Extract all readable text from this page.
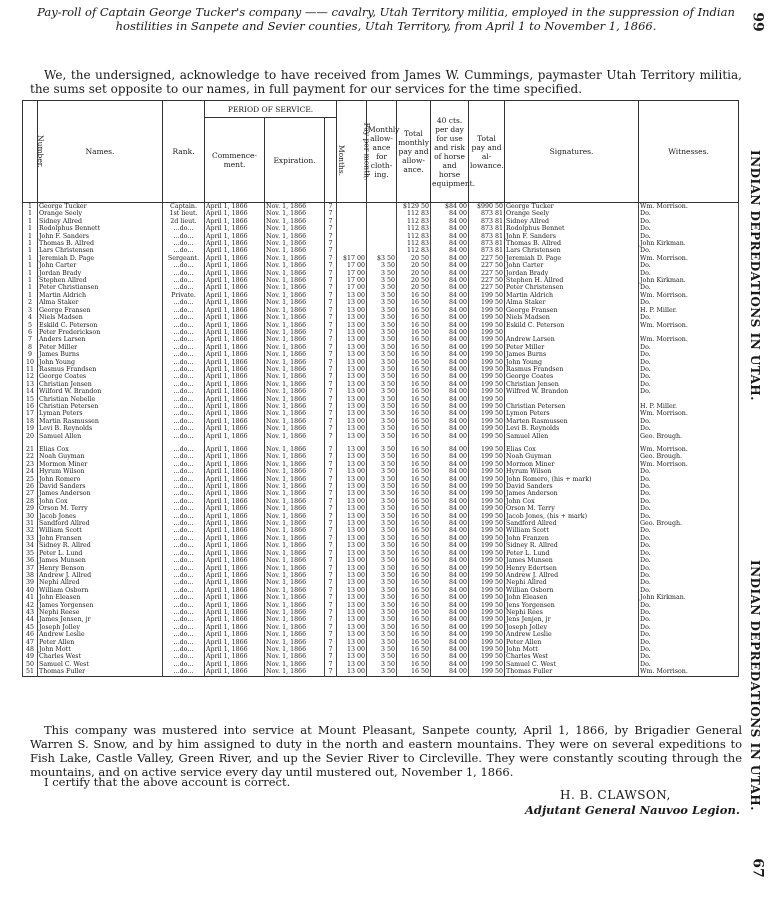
Pay-roll of Captain George Tucker's company —— cavalry, Utah Territory militia, employed in the suppression of Indian hostilities in Sanpete and Sevier counties, Utah Territory, from April 1 to November 1, 1866.	99
67
INDIAN DEPREDATIONS IN UTAH.
INDIAN DEPREDATIONS IN UTAH.
We, the undersigned, acknowledge to have received from James W. Cummings, paymaster Utah Territory militia, the sums set opposite to our names, in full payment for our services for the time specified.
Number.	Names.	Rank.	PERIOD OF SERVICE.			Pay per month.	Monthly allow-ance for cloth-ing.	Total monthly pay and allow-ance.	40 cts. per day for use and risk of horse and horse equipment.	Total pay and al-lowance.	Signatures.	Witnesses.
			Commence-ment.	Expiration.	Months.							
1	George Tucker	Captain.	April 1, 1866	Nov. 1, 1866	7			$129 50	$84 00	$990 50	George Tucker	Wm. Morrison.
1	Orange Seely	1st lieut.	April 1, 1866	Nov. 1, 1866	7			112 83	84 00	873 81	Orange Seely	Do.
1	Sidney Allred	2d lieut.	April 1, 1866	Nov. 1, 1866	7			112 83	84 00	873 81	Sidney Allred	Do.
1	Rodolphus Bennett	...do...	April 1, 1866	Nov. 1, 1866	7			112 83	84 00	873 81	Rodolphus Bennet	Do.
1	John F. Sanders	...do...	April 1, 1866	Nov. 1, 1866	7			112 83	84 00	873 81	John F. Sanders	Do.
1	Thomas B. Allred	...do...	April 1, 1866	Nov. 1, 1866	7			112 83	84 00	873 81	Thomas B. Allred	John Kirkman.
1	Lars Christensen	...do...	April 1, 1866	Nov. 1, 1866	7			112 83	84 00	873 81	Lars Christensen	Do.
1	Jeremiah D. Page	Sergeant.	April 1, 1866	Nov. 1, 1866	7	$17 00	$3 50	20 50	84 00	227 50	Jeremiah D. Page	Wm. Morrison.
1	John Carter	...do...	April 1, 1866	Nov. 1, 1866	7	17 00	3 50	20 50	84 00	227 50	John Carter	Do.
1	Jordan Brady	...do...	April 1, 1866	Nov. 1, 1866	7	17 00	3 50	20 50	84 00	227 50	Jordan Brady	Do.
1	Stephen Allred	...do...	April 1, 1866	Nov. 1, 1866	7	17 00	3 50	20 50	84 00	227 50	Stephen H. Allred	John Kirkman.
1	Peter Christiansen	...do...	April 1, 1866	Nov. 1, 1866	7	17 00	3 50	20 50	84 00	227 50	Peter Christensen	Do.
1	Martin Aldrich	Private.	April 1, 1866	Nov. 1, 1866	7	13 00	3 50	16 50	84 00	199 50	Martin Aldrich	Wm. Morrison.
2	Alma Staker	...do...	April 1, 1866	Nov. 1, 1866	7	13 00	3 50	16 50	84 00	199 50	Alma Staker	Do.
3	George Fransen	...do...	April 1, 1866	Nov. 1, 1866	7	13 00	3 50	16 50	84 00	199 50	George Fransen	H. P. Miller.
4	Niels Madsen	...do...	April 1, 1866	Nov. 1, 1866	7	13 00	3 50	16 50	84 00	199 50	Niels Madsen	Do.
5	Eskild C. Peterson	...do...	April 1, 1866	Nov. 1, 1866	7	13 00	3 50	16 50	84 00	199 50	Eskild C. Peterson	Wm. Morrison.
6	Peter Frederickson	...do...	April 1, 1866	Nov. 1, 1866	7	13 00	3 50	16 50	84 00	199 50		
7	Anders Larsen	...do...	April 1, 1866	Nov. 1, 1866	7	13 00	3 50	16 50	84 00	199 50	Andrew Larsen	Wm. Morrison.
8	Peter Miller	...do...	April 1, 1866	Nov. 1, 1866	7	13 00	3 50	16 50	84 00	199 50	Peter Miller	Do.
9	James Burns	...do...	April 1, 1866	Nov. 1, 1866	7	13 00	3 50	16 50	84 00	199 50	James Burns	Do.
10	John Young	...do...	April 1, 1866	Nov. 1, 1866	7	13 00	3 50	16 50	84 00	199 50	John Young	Do.
11	Rasmus Frandsen	...do...	April 1, 1866	Nov. 1, 1866	7	13 00	3 50	16 50	84 00	199 50	Rasmus Frandsen	Do.
12	George Coates	...do...	April 1, 1866	Nov. 1, 1866	7	13 00	3 50	16 50	84 00	199 50	George Coates	Do.
13	Christian Jensen	...do...	April 1, 1866	Nov. 1, 1866	7	13 00	3 50	16 50	84 00	199 50	Christian Jensen	Do.
14	Wilford W. Brandon	...do...	April 1, 1866	Nov. 1, 1866	7	13 00	3 50	16 50	84 00	199 50	Wilfred W. Brandon	Do.
15	Christian Nebelle	...do...	April 1, 1866	Nov. 1, 1866	7	13 00	3 50	16 50	84 00	199 50		
16	Christian Petersen	...do...	April 1, 1866	Nov. 1, 1866	7	13 00	3 50	16 50	84 00	199 50	Christian Petersen	H. P. Miller.
17	Lyman Peters	...do...	April 1, 1866	Nov. 1, 1866	7	13 00	3 50	16 50	84 00	199 50	Lymon Peters	Wm. Morrison.
18	Martin Rasmussen	...do...	April 1, 1866	Nov. 1, 1866	7	13 00	3 50	16 50	84 00	199 50	Marten Rasmussen	Do.
19	Levi B. Reynolds	...do...	April 1, 1866	Nov. 1, 1866	7	13 00	3 50	16 50	84 00	199 50	Levi B. Reynolds	Do.
20	Samuel Allen	...do...	April 1, 1866	Nov. 1, 1866	7	13 00	3 50	16 50	84 00	199 50	Samuel Allen	Geo. Brough.

21	Elias Cox	...do...	April 1, 1866	Nov. 1, 1866	7	13 00	3 50	16 50	84 00	199 50	Elias Cox	Wm. Morrison.
22	Noah Guyman	...do...	April 1, 1866	Nov. 1, 1866	7	13 00	3 50	16 50	84 00	199 50	Noah Guyman	Geo. Brough.
23	Mormon Miner	...do...	April 1, 1866	Nov. 1, 1866	7	13 00	3 50	16 50	84 00	199 50	Mormon Miner	Wm. Morrison.
24	Hyrum Wilson	...do...	April 1, 1866	Nov. 1, 1866	7	13 00	3 50	16 50	84 00	199 50	Hyrum Wilson	Do.
25	John Romero	...do...	April 1, 1866	Nov. 1, 1866	7	13 00	3 50	16 50	84 00	199 50	John Romero, (his + mark)	Do.
26	David Sanders	...do...	April 1, 1866	Nov. 1, 1866	7	13 00	3 50	16 50	84 00	199 50	David Sanders	Do.
27	James Anderson	...do...	April 1, 1866	Nov. 1, 1866	7	13 00	3 50	16 50	84 00	199 50	James Anderson	Do.
28	John Cox	...do...	April 1, 1866	Nov. 1, 1866	7	13 00	3 50	16 50	84 00	199 50	John Cox	Do.
29	Orson M. Terry	...do...	April 1, 1866	Nov. 1, 1866	7	13 00	3 50	16 50	84 00	199 50	Orson M. Terry	Do.
30	Jacob Jones	...do...	April 1, 1866	Nov. 1, 1866	7	13 00	3 50	16 50	84 00	199 50	Jacob Jones, (his + mark)	Do.
31	Sandford Allred	...do...	April 1, 1866	Nov. 1, 1866	7	13 00	3 50	16 50	84 00	199 50	Sandford Allred	Geo. Brough.
32	William Scott	...do...	April 1, 1866	Nov. 1, 1866	7	13 00	3 50	16 50	84 00	199 50	William Scott	Do.
33	John Fransen	...do...	April 1, 1866	Nov. 1, 1866	7	13 00	3 50	16 50	84 00	199 50	John Franzen	Do.
34	Sidney R. Allred	...do...	April 1, 1866	Nov. 1, 1866	7	13 00	3 50	16 50	84 00	199 50	Sidney R. Allred	Do.
35	Peter L. Lund	...do...	April 1, 1866	Nov. 1, 1866	7	13 00	3 50	16 50	84 00	199 50	Peter L. Lund	Do.
36	James Munsen	...do...	April 1, 1866	Nov. 1, 1866	7	13 00	3 50	16 50	84 00	199 50	James Munsen	Do.
37	Henry Benson	...do...	April 1, 1866	Nov. 1, 1866	7	13 00	3 50	16 50	84 00	199 50	Henry Edertsen	Do.
38	Andrew J. Allred	...do...	April 1, 1866	Nov. 1, 1866	7	13 00	3 50	16 50	84 00	199 50	Andrew J. Allred	Do.
39	Nephi Allred	...do...	April 1, 1866	Nov. 1, 1866	7	13 00	3 50	16 50	84 00	199 50	Nephi Allred	Do.
40	William Osborn	...do...	April 1, 1866	Nov. 1, 1866	7	13 00	3 50	16 50	84 00	199 50	Willian Osborn	Do.
41	John Eleasen	...do...	April 1, 1866	Nov. 1, 1866	7	13 00	3 50	16 50	84 00	199 50	John Eleasen	John Kirkman.
42	James Yorgensen	...do...	April 1, 1866	Nov. 1, 1866	7	13 00	3 50	16 50	84 00	199 50	Jens Yorgensen	Do.
43	Nephi Reese	...do...	April 1, 1866	Nov. 1, 1866	7	13 00	3 50	16 50	84 00	199 50	Nephi Rees	Do.
44	James Jensen, jr	...do...	April 1, 1866	Nov. 1, 1866	7	13 00	3 50	16 50	84 00	199 50	Jens Jenjen, jr	Do.
45	Joseph Jolley	...do...	April 1, 1866	Nov. 1, 1866	7	13 00	3 50	16 50	84 00	199 50	Joseph Jolley	Do.
46	Andrew Leslie	...do...	April 1, 1866	Nov. 1, 1866	7	13 00	3 50	16 50	84 00	199 50	Andrew Leslie	Do.
47	Peter Allen	...do...	April 1, 1866	Nov. 1, 1866	7	13 00	3 50	16 50	84 00	199 50	Peter Allen	Do.
48	John Mott	...do...	April 1, 1866	Nov. 1, 1866	7	13 00	3 50	16 50	84 00	199 50	John Mott	Do.
49	Charles West	...do...	April 1, 1866	Nov. 1, 1866	7	13 00	3 50	16 50	84 00	199 50	Charles West	Do.
50	Samuel C. West	...do...	April 1, 1866	Nov. 1, 1866	7	13 00	3 50	16 50	84 00	199 50	Samuel C. West	Do.
51	Thomas Fuller	...do...	April 1, 1866	Nov. 1, 1866	7	13 00	3 50	16 50	84 00	199 50	Thomas Fuller	Wm. Morrison.
This company was mustered into service at Mount Pleasant, Sanpete county, April 1, 1866, by Brigadier General Warren S. Snow, and by him assigned to duty in the north and eastern mountains. They were on several expeditions to Fish Lake, Castle Valley, Green River, and up the Sevier River to Circleville. They were constantly scouting through the mountains, and on active service every day until mustered out, November 1, 1866.
I certify that the above account is correct.
H. B. CLAWSON,
Adjutant General Nauvoo Legion.
